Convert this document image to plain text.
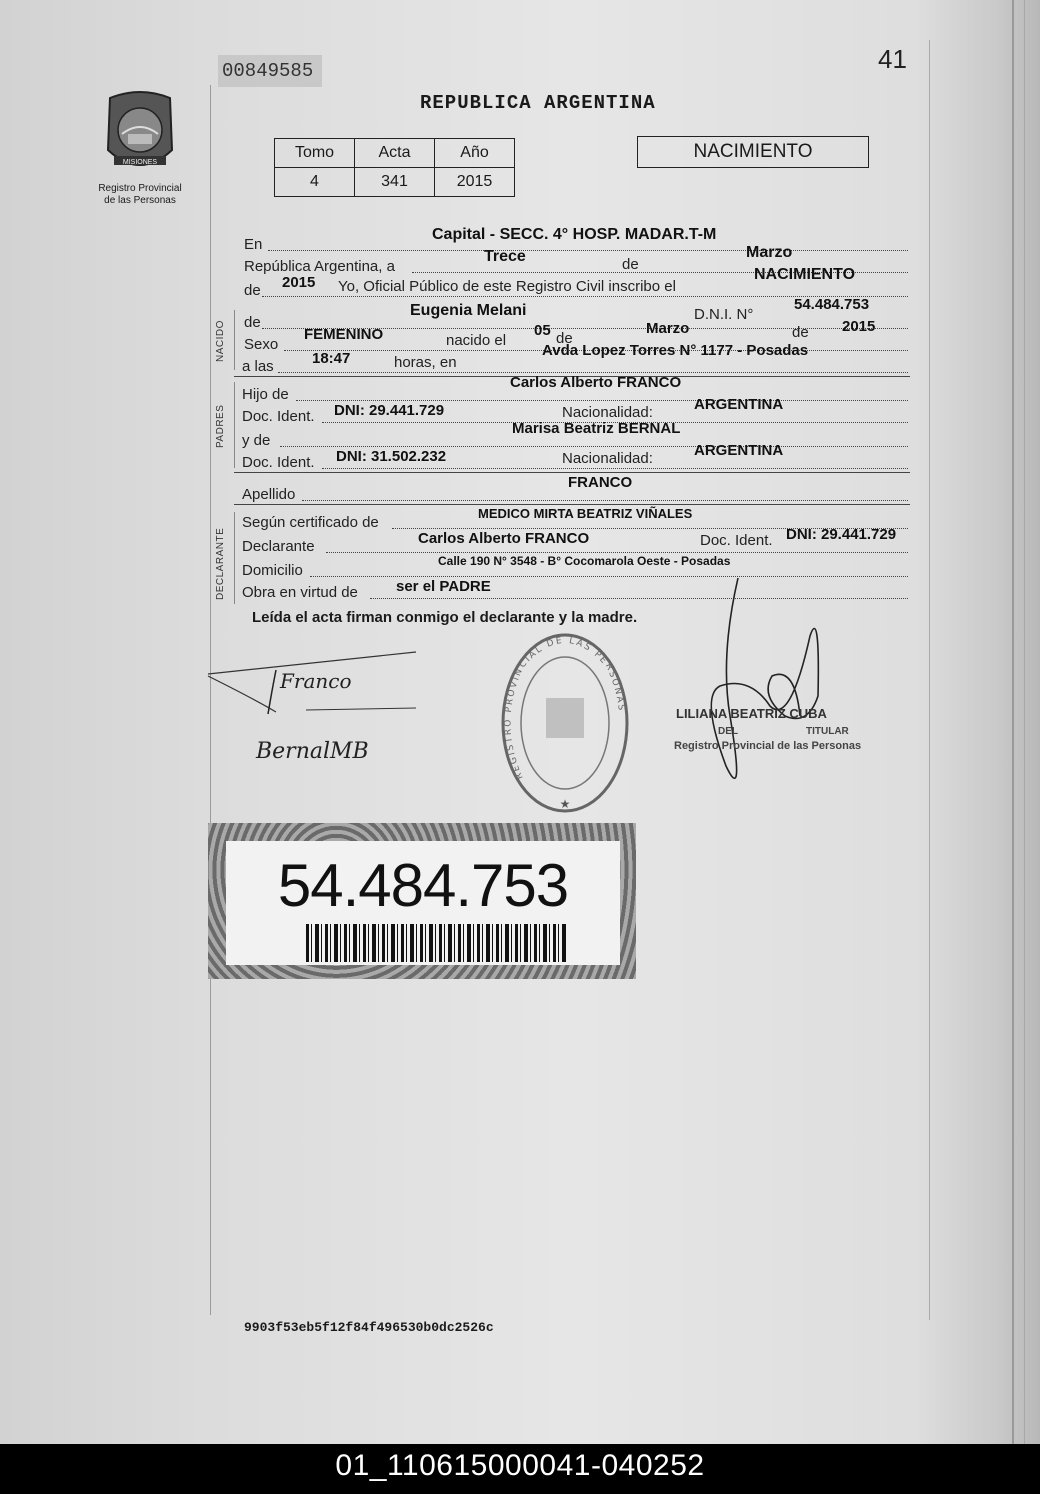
00849585	41
REPUBLICA ARGENTINA
MISIONES
Registro Provincial
de las Personas
Tomo	Acta	Año
4	341	2015
NACIMIENTO
En
Capital - SECC. 4° HOSP. MADAR.T-M
República Argentina, a
Trece	de
Marzo
de 2015 Yo, Oficial Público de este Registro Civil inscribo el
NACIMIENTO
NACIDO de
Eugenia Melani	D.N.I. N°
54.484.753
Sexo
FEMENINO	nacido el
05 de
Marzo	de 2015
a las	18:47	horas, en
Avda Lopez Torres N° 1177 - Posadas
PADRES
Hijo de
Carlos Alberto FRANCO
Doc. Ident. DNI: 29.441.729	Nacionalidad:	ARGENTINA
y de
Marisa Beatriz BERNAL
Doc. Ident. DNI: 31.502.232	Nacionalidad:	ARGENTINA
Apellido
FRANCO
DECLARANTE
Según certificado de
MEDICO MIRTA BEATRIZ VIÑALES
Declarante	Carlos Alberto FRANCO	Doc. Ident. DNI: 29.441.729
Domicilio
Calle 190 N° 3548 - B° Cocomarola Oeste - Posadas
Obra en virtud de	ser el PADRE
Leída el acta firman conmigo el declarante y la madre.
Franco
BernalMB
REGISTRO PROVINCIAL DE LAS PERSONAS
★
LILIANA BEATRIZ CUBA
DEL	TITULAR
Registro Provincial de las Personas
54.484.753
9903f53eb5f12f84f496530b0dc2526c
01_110615000041-040252
